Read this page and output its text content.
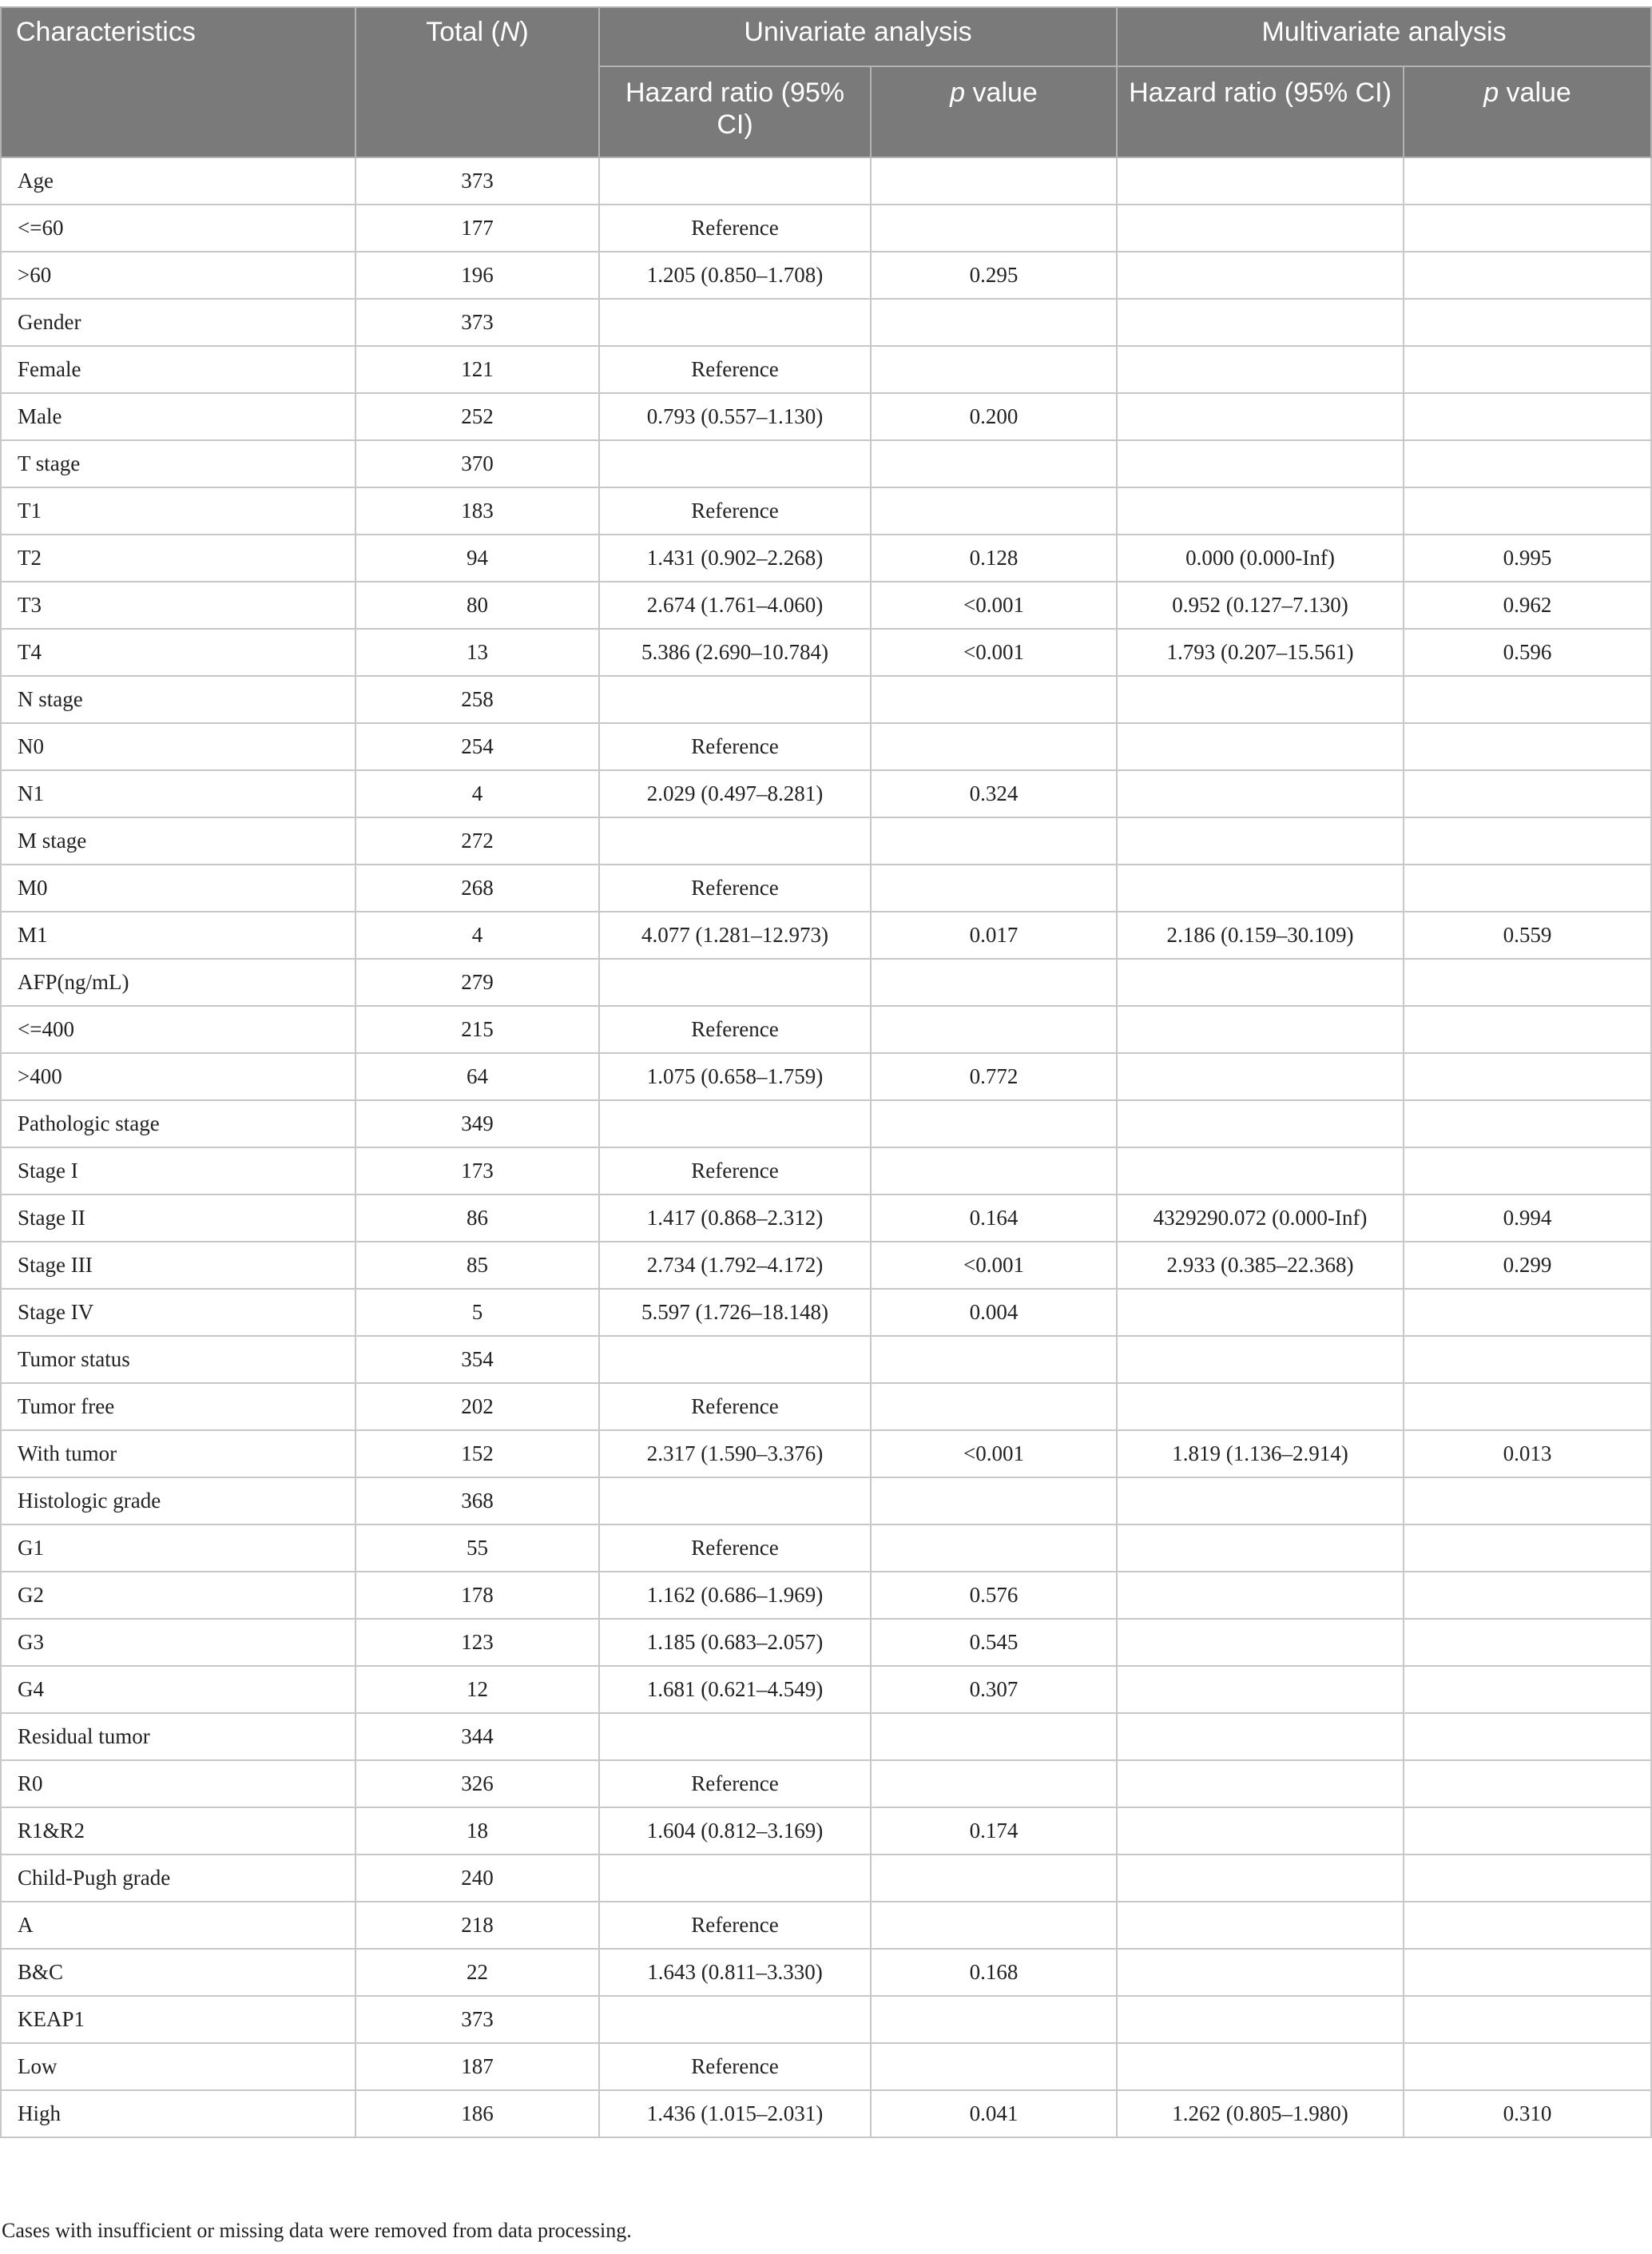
Characteristics	Total (N)	Univariate analysis		Multivariate analysis	
		Hazard ratio (95% CI)	p value	Hazard ratio (95% CI)	p value
Age	373				
<=60	177	Reference			
>60	196	1.205 (0.850–1.708)	0.295		
Gender	373				
Female	121	Reference			
Male	252	0.793 (0.557–1.130)	0.200		
T stage	370				
T1	183	Reference			
T2	94	1.431 (0.902–2.268)	0.128	0.000 (0.000-Inf)	0.995
T3	80	2.674 (1.761–4.060)	<0.001	0.952 (0.127–7.130)	0.962
T4	13	5.386 (2.690–10.784)	<0.001	1.793 (0.207–15.561)	0.596
N stage	258				
N0	254	Reference			
N1	4	2.029 (0.497–8.281)	0.324		
M stage	272				
M0	268	Reference			
M1	4	4.077 (1.281–12.973)	0.017	2.186 (0.159–30.109)	0.559
AFP(ng/mL)	279				
<=400	215	Reference			
>400	64	1.075 (0.658–1.759)	0.772		
Pathologic stage	349				
Stage I	173	Reference			
Stage II	86	1.417 (0.868–2.312)	0.164	4329290.072 (0.000-Inf)	0.994
Stage III	85	2.734 (1.792–4.172)	<0.001	2.933 (0.385–22.368)	0.299
Stage IV	5	5.597 (1.726–18.148)	0.004		
Tumor status	354				
Tumor free	202	Reference			
With tumor	152	2.317 (1.590–3.376)	<0.001	1.819 (1.136–2.914)	0.013
Histologic grade	368				
G1	55	Reference			
G2	178	1.162 (0.686–1.969)	0.576		
G3	123	1.185 (0.683–2.057)	0.545		
G4	12	1.681 (0.621–4.549)	0.307		
Residual tumor	344				
R0	326	Reference			
R1&R2	18	1.604 (0.812–3.169)	0.174		
Child-Pugh grade	240				
A	218	Reference			
B&C	22	1.643 (0.811–3.330)	0.168		
KEAP1	373				
Low	187	Reference			
High	186	1.436 (1.015–2.031)	0.041	1.262 (0.805–1.980)	0.310
Cases with insufficient or missing data were removed from data processing.
